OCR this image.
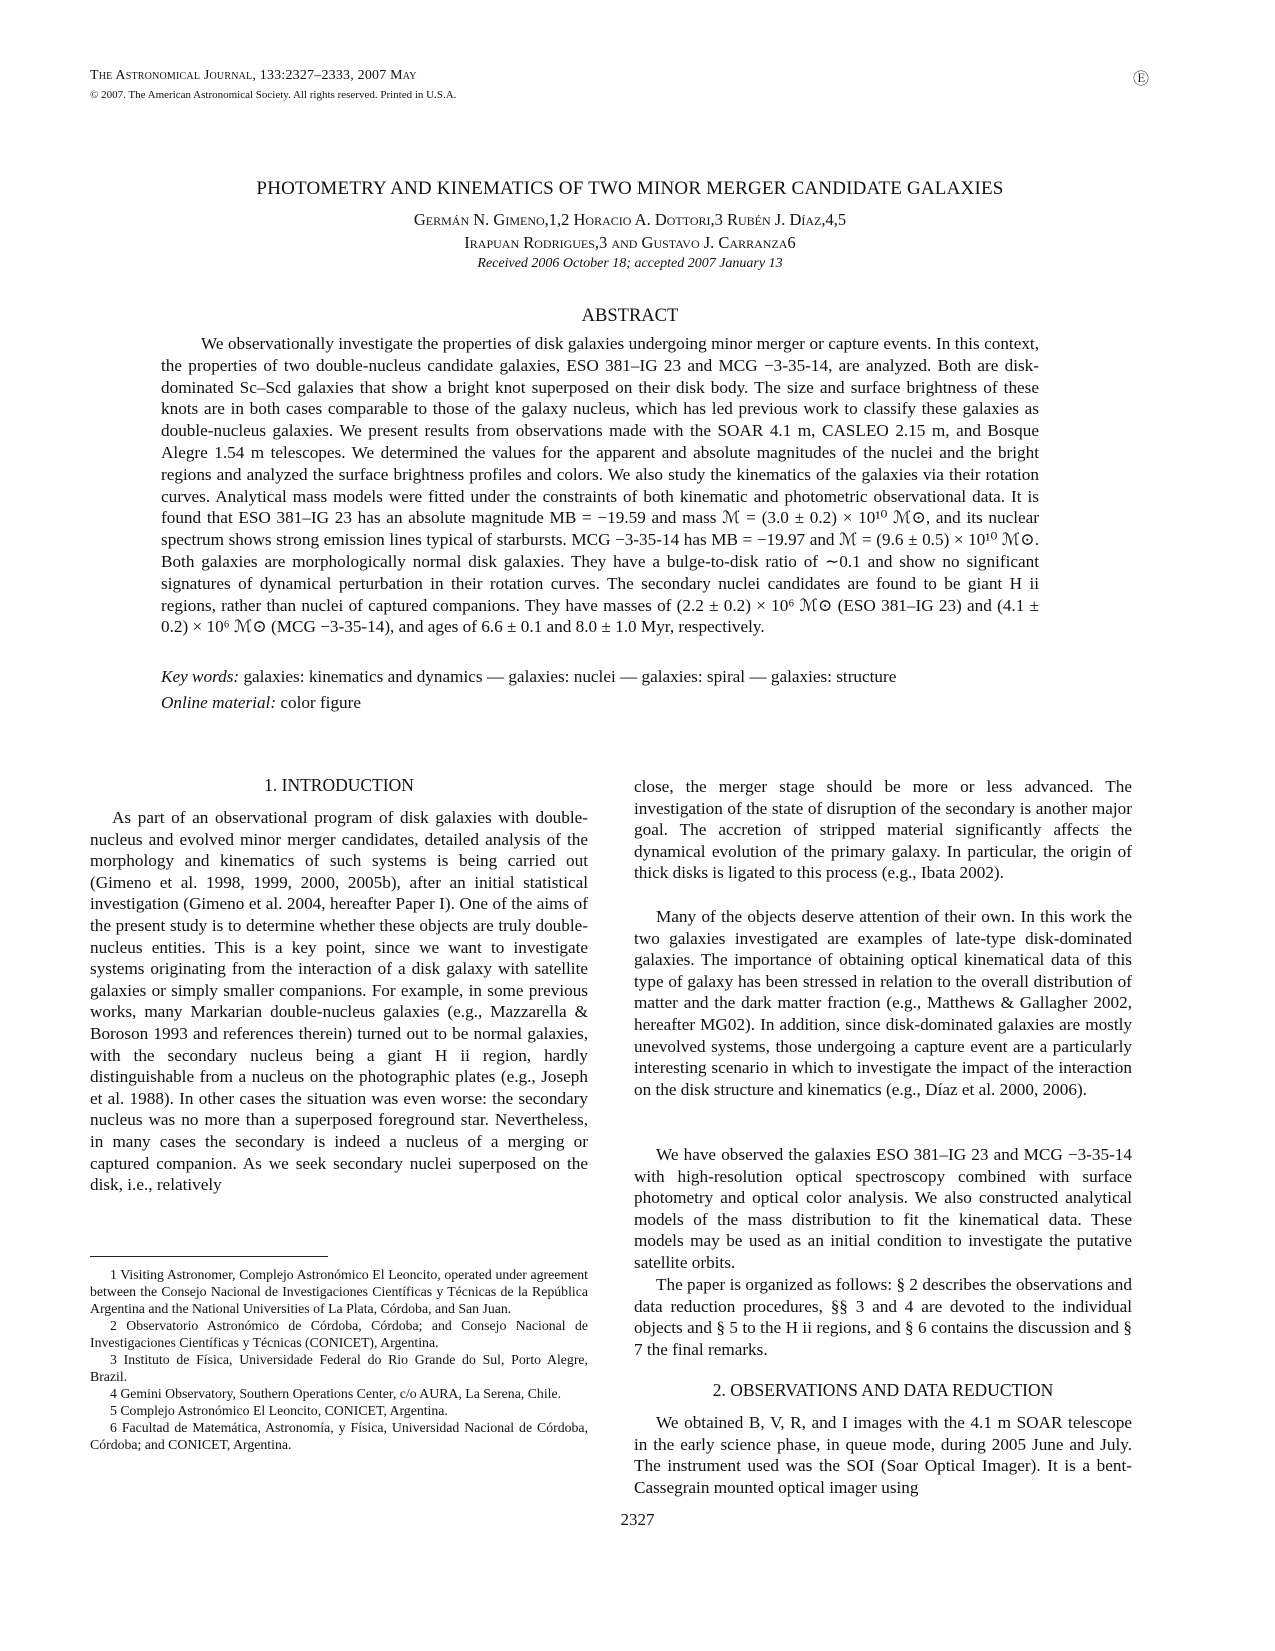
The Astronomical Journal, 133:2327–2333, 2007 May
© 2007. The American Astronomical Society. All rights reserved. Printed in U.S.A.
Ⓔ
PHOTOMETRY AND KINEMATICS OF TWO MINOR MERGER CANDIDATE GALAXIES
Germán N. Gimeno,1,2 Horacio A. Dottori,3 Rubén J. Díaz,4,5
Irapuan Rodrigues,3 and Gustavo J. Carranza6
Received 2006 October 18; accepted 2007 January 13
ABSTRACT
We observationally investigate the properties of disk galaxies undergoing minor merger or capture events. In this context, the properties of two double-nucleus candidate galaxies, ESO 381–IG 23 and MCG −3-35-14, are analyzed. Both are disk-dominated Sc–Scd galaxies that show a bright knot superposed on their disk body. The size and surface brightness of these knots are in both cases comparable to those of the galaxy nucleus, which has led previous work to classify these galaxies as double-nucleus galaxies. We present results from observations made with the SOAR 4.1 m, CASLEO 2.15 m, and Bosque Alegre 1.54 m telescopes. We determined the values for the apparent and absolute magnitudes of the nuclei and the bright regions and analyzed the surface brightness profiles and colors. We also study the kinematics of the galaxies via their rotation curves. Analytical mass models were fitted under the constraints of both kinematic and photometric observational data. It is found that ESO 381–IG 23 has an absolute magnitude MB = −19.59 and mass ℳ = (3.0 ± 0.2) × 10¹⁰ ℳ⊙, and its nuclear spectrum shows strong emission lines typical of starbursts. MCG −3-35-14 has MB = −19.97 and ℳ = (9.6 ± 0.5) × 10¹⁰ ℳ⊙. Both galaxies are morphologically normal disk galaxies. They have a bulge-to-disk ratio of ∼0.1 and show no significant signatures of dynamical perturbation in their rotation curves. The secondary nuclei candidates are found to be giant H ii regions, rather than nuclei of captured companions. They have masses of (2.2 ± 0.2) × 10⁶ ℳ⊙ (ESO 381–IG 23) and (4.1 ± 0.2) × 10⁶ ℳ⊙ (MCG −3-35-14), and ages of 6.6 ± 0.1 and 8.0 ± 1.0 Myr, respectively.
Key words: galaxies: kinematics and dynamics — galaxies: nuclei — galaxies: spiral — galaxies: structure
Online material: color figure
1. INTRODUCTION
As part of an observational program of disk galaxies with double-nucleus and evolved minor merger candidates, detailed analysis of the morphology and kinematics of such systems is being carried out (Gimeno et al. 1998, 1999, 2000, 2005b), after an initial statistical investigation (Gimeno et al. 2004, hereafter Paper I). One of the aims of the present study is to determine whether these objects are truly double-nucleus entities. This is a key point, since we want to investigate systems originating from the interaction of a disk galaxy with satellite galaxies or simply smaller companions. For example, in some previous works, many Markarian double-nucleus galaxies (e.g., Mazzarella & Boroson 1993 and references therein) turned out to be normal galaxies, with the secondary nucleus being a giant H ii region, hardly distinguishable from a nucleus on the photographic plates (e.g., Joseph et al. 1988). In other cases the situation was even worse: the secondary nucleus was no more than a superposed foreground star. Nevertheless, in many cases the secondary is indeed a nucleus of a merging or captured companion. As we seek secondary nuclei superposed on the disk, i.e., relatively

1 Visiting Astronomer, Complejo Astronómico El Leoncito, operated under agreement between the Consejo Nacional de Investigaciones Científicas y Técnicas de la República Argentina and the National Universities of La Plata, Córdoba, and San Juan.

2 Observatorio Astronómico de Córdoba, Córdoba; and Consejo Nacional de Investigaciones Científicas y Técnicas (CONICET), Argentina.

3 Instituto de Física, Universidade Federal do Rio Grande do Sul, Porto Alegre, Brazil.

4 Gemini Observatory, Southern Operations Center, c/o AURA, La Serena, Chile.

5 Complejo Astronómico El Leoncito, CONICET, Argentina.

6 Facultad de Matemática, Astronomía, y Física, Universidad Nacional de Córdoba, Córdoba; and CONICET, Argentina.

close, the merger stage should be more or less advanced. The investigation of the state of disruption of the secondary is another major goal. The accretion of stripped material significantly affects the dynamical evolution of the primary galaxy. In particular, the origin of thick disks is ligated to this process (e.g., Ibata 2002).
Many of the objects deserve attention of their own. In this work the two galaxies investigated are examples of late-type disk-dominated galaxies. The importance of obtaining optical kinematical data of this type of galaxy has been stressed in relation to the overall distribution of matter and the dark matter fraction (e.g., Matthews & Gallagher 2002, hereafter MG02). In addition, since disk-dominated galaxies are mostly unevolved systems, those undergoing a capture event are a particularly interesting scenario in which to investigate the impact of the interaction on the disk structure and kinematics (e.g., Díaz et al. 2000, 2006).
We have observed the galaxies ESO 381–IG 23 and MCG −3-35-14 with high-resolution optical spectroscopy combined with surface photometry and optical color analysis. We also constructed analytical models of the mass distribution to fit the kinematical data. These models may be used as an initial condition to investigate the putative satellite orbits.
The paper is organized as follows: § 2 describes the observations and data reduction procedures, §§ 3 and 4 are devoted to the individual objects and § 5 to the H ii regions, and § 6 contains the discussion and § 7 the final remarks.
2. OBSERVATIONS AND DATA REDUCTION
We obtained B, V, R, and I images with the 4.1 m SOAR telescope in the early science phase, in queue mode, during 2005 June and July. The instrument used was the SOI (Soar Optical Imager). It is a bent-Cassegrain mounted optical imager using
2327
